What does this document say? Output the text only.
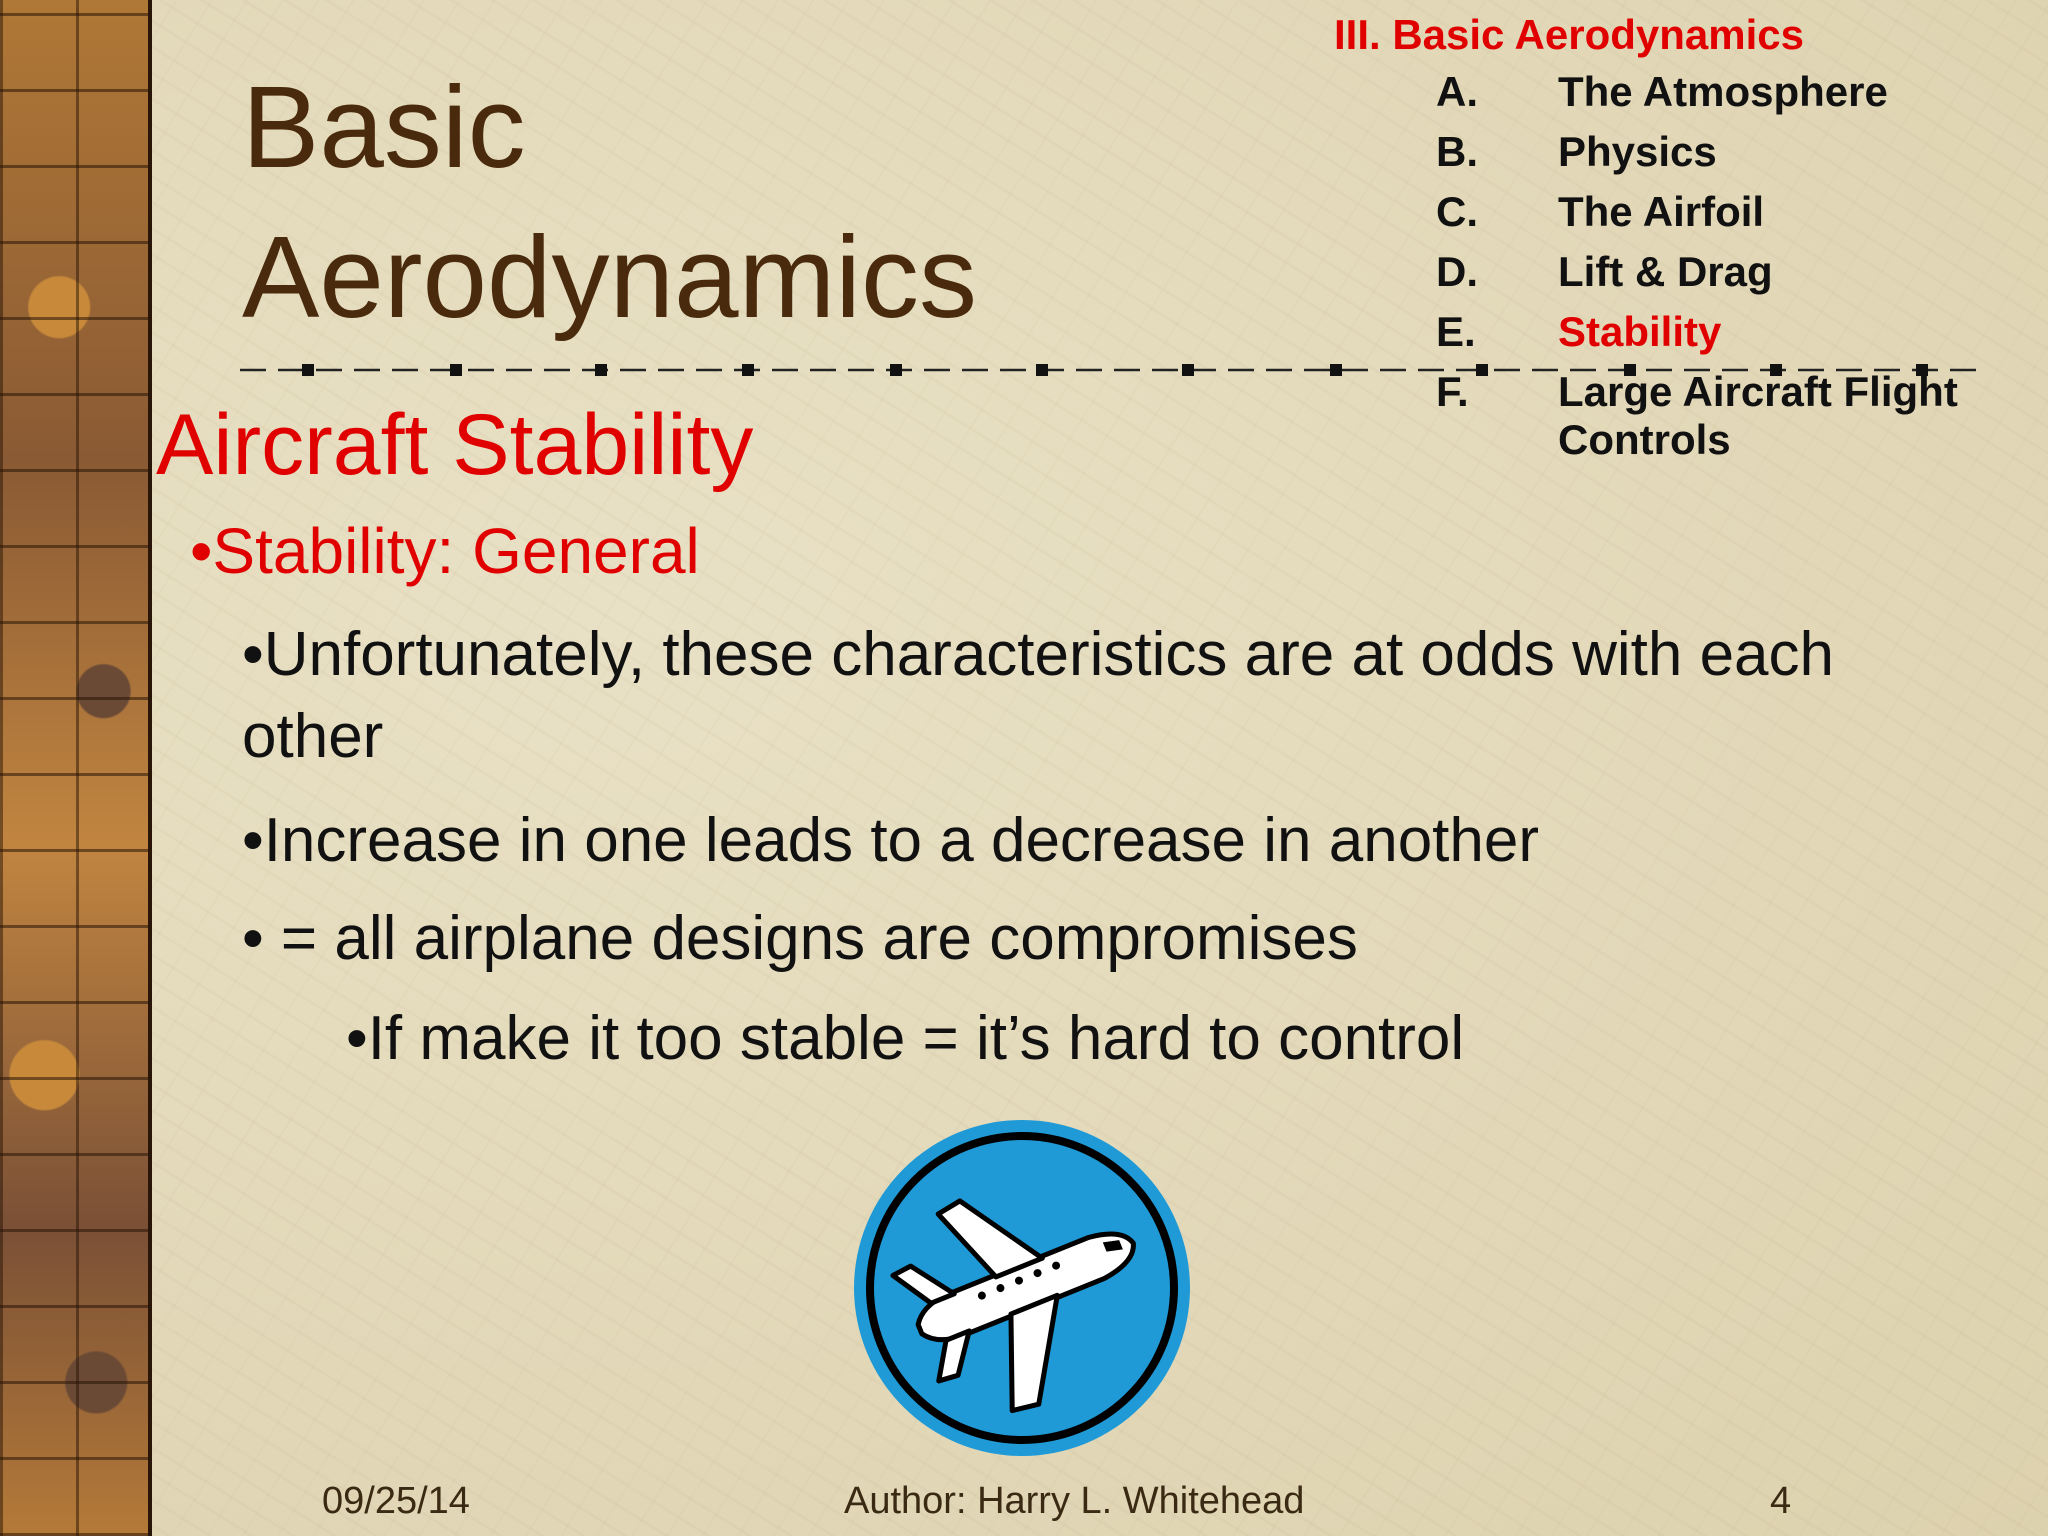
Basic
Aerodynamics
III. Basic Aerodynamics
A. The Atmosphere
B. Physics
C. The Airfoil
D. Lift & Drag
E. Stability
F. Large Aircraft Flight Controls
Aircraft Stability
•Stability: General
•Unfortunately, these characteristics are at odds with each other
•Increase in one leads to a decrease in another
• = all airplane designs are compromises
•If make it too stable = it’s hard to control
09/25/14	Author: Harry L. Whitehead	4
